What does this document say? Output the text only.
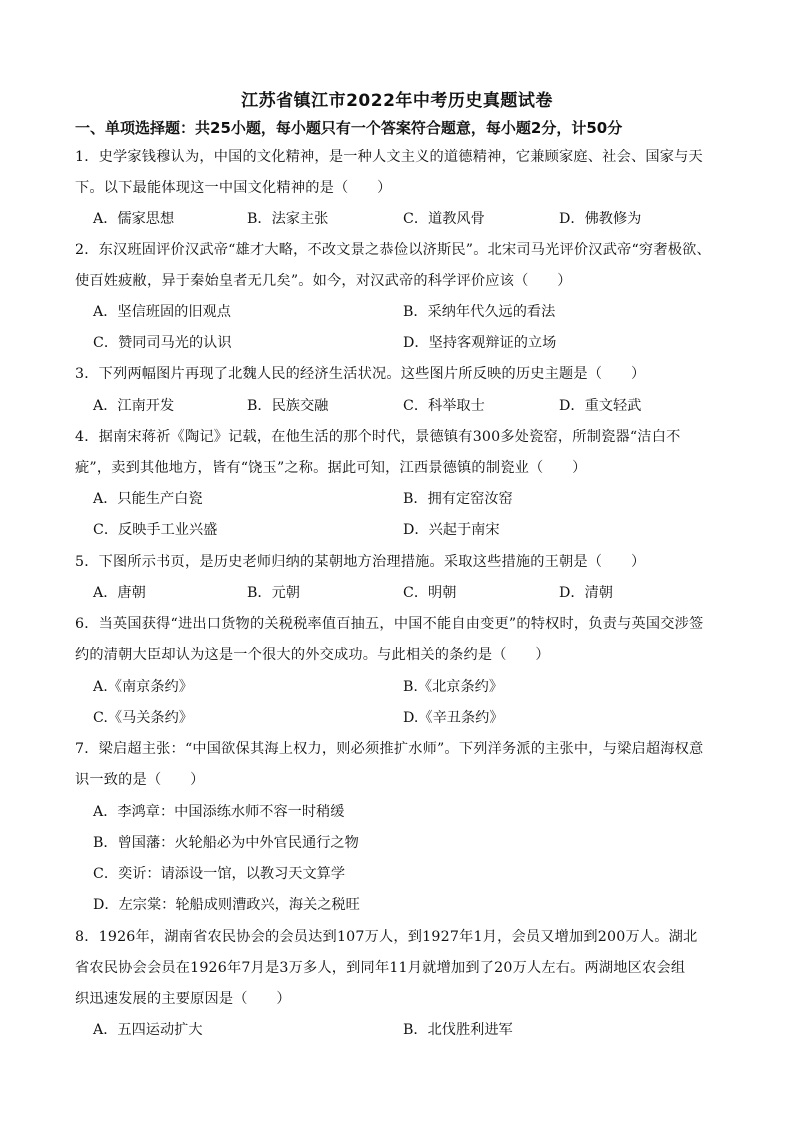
江苏省镇江市2022年中考历史真题试卷
一、单项选择题：共25小题，每小题只有一个答案符合题意，每小题2分，计50分
1．史学家钱穆认为，中国的文化精神，是一种人文主义的道德精神，它兼顾家庭、社会、国家与天
下。以下最能体现这一中国文化精神的是（　　）
A．儒家思想	B．法家主张	C．道教风骨	D．佛教修为
2．东汉班固评价汉武帝“雄才大略，不改文景之恭俭以济斯民”。北宋司马光评价汉武帝“穷奢极欲、
使百姓疲敝，异于秦始皇者无几矣”。如今，对汉武帝的科学评价应该（　　）
A．坚信班固的旧观点	B．采纳年代久远的看法
C．赞同司马光的认识	D．坚持客观辩证的立场
3．下列两幅图片再现了北魏人民的经济生活状况。这些图片所反映的历史主题是（　　）
A．江南开发	B．民族交融	C．科举取士	D．重文轻武
4．据南宋蒋祈《陶记》记载，在他生活的那个时代，景德镇有300多处瓷窑，所制瓷器“洁白不
疵”，卖到其他地方，皆有“饶玉”之称。据此可知，江西景德镇的制瓷业（　　）
A．只能生产白瓷	B．拥有定窑汝窑
C．反映手工业兴盛	D．兴起于南宋
5．下图所示书页，是历史老师归纳的某朝地方治理措施。采取这些措施的王朝是（　　）
A．唐朝	B．元朝	C．明朝	D．清朝
6．当英国获得“进出口货物的关税税率值百抽五，中国不能自由变更”的特权时，负责与英国交涉签
约的清朝大臣却认为这是一个很大的外交成功。与此相关的条约是（　　）
A.《南京条约》	B.《北京条约》
C.《马关条约》	D.《辛丑条约》
7．梁启超主张：“中国欲保其海上权力，则必须推扩水师”。下列洋务派的主张中，与梁启超海权意
识一致的是（　　）
A．李鸿章：中国添练水师不容一时稍缓
B．曾国藩：火轮船必为中外官民通行之物
C．奕䜣：请添设一馆，以教习天文算学
D．左宗棠：轮船成则漕政兴，海关之税旺
8．1926年，湖南省农民协会的会员达到107万人，到1927年1月，会员又增加到200万人。湖北
省农民协会会员在1926年7月是3万多人，到同年11月就增加到了20万人左右。两湖地区农会组
织迅速发展的主要原因是（　　）
A．五四运动扩大	B．北伐胜利进军
